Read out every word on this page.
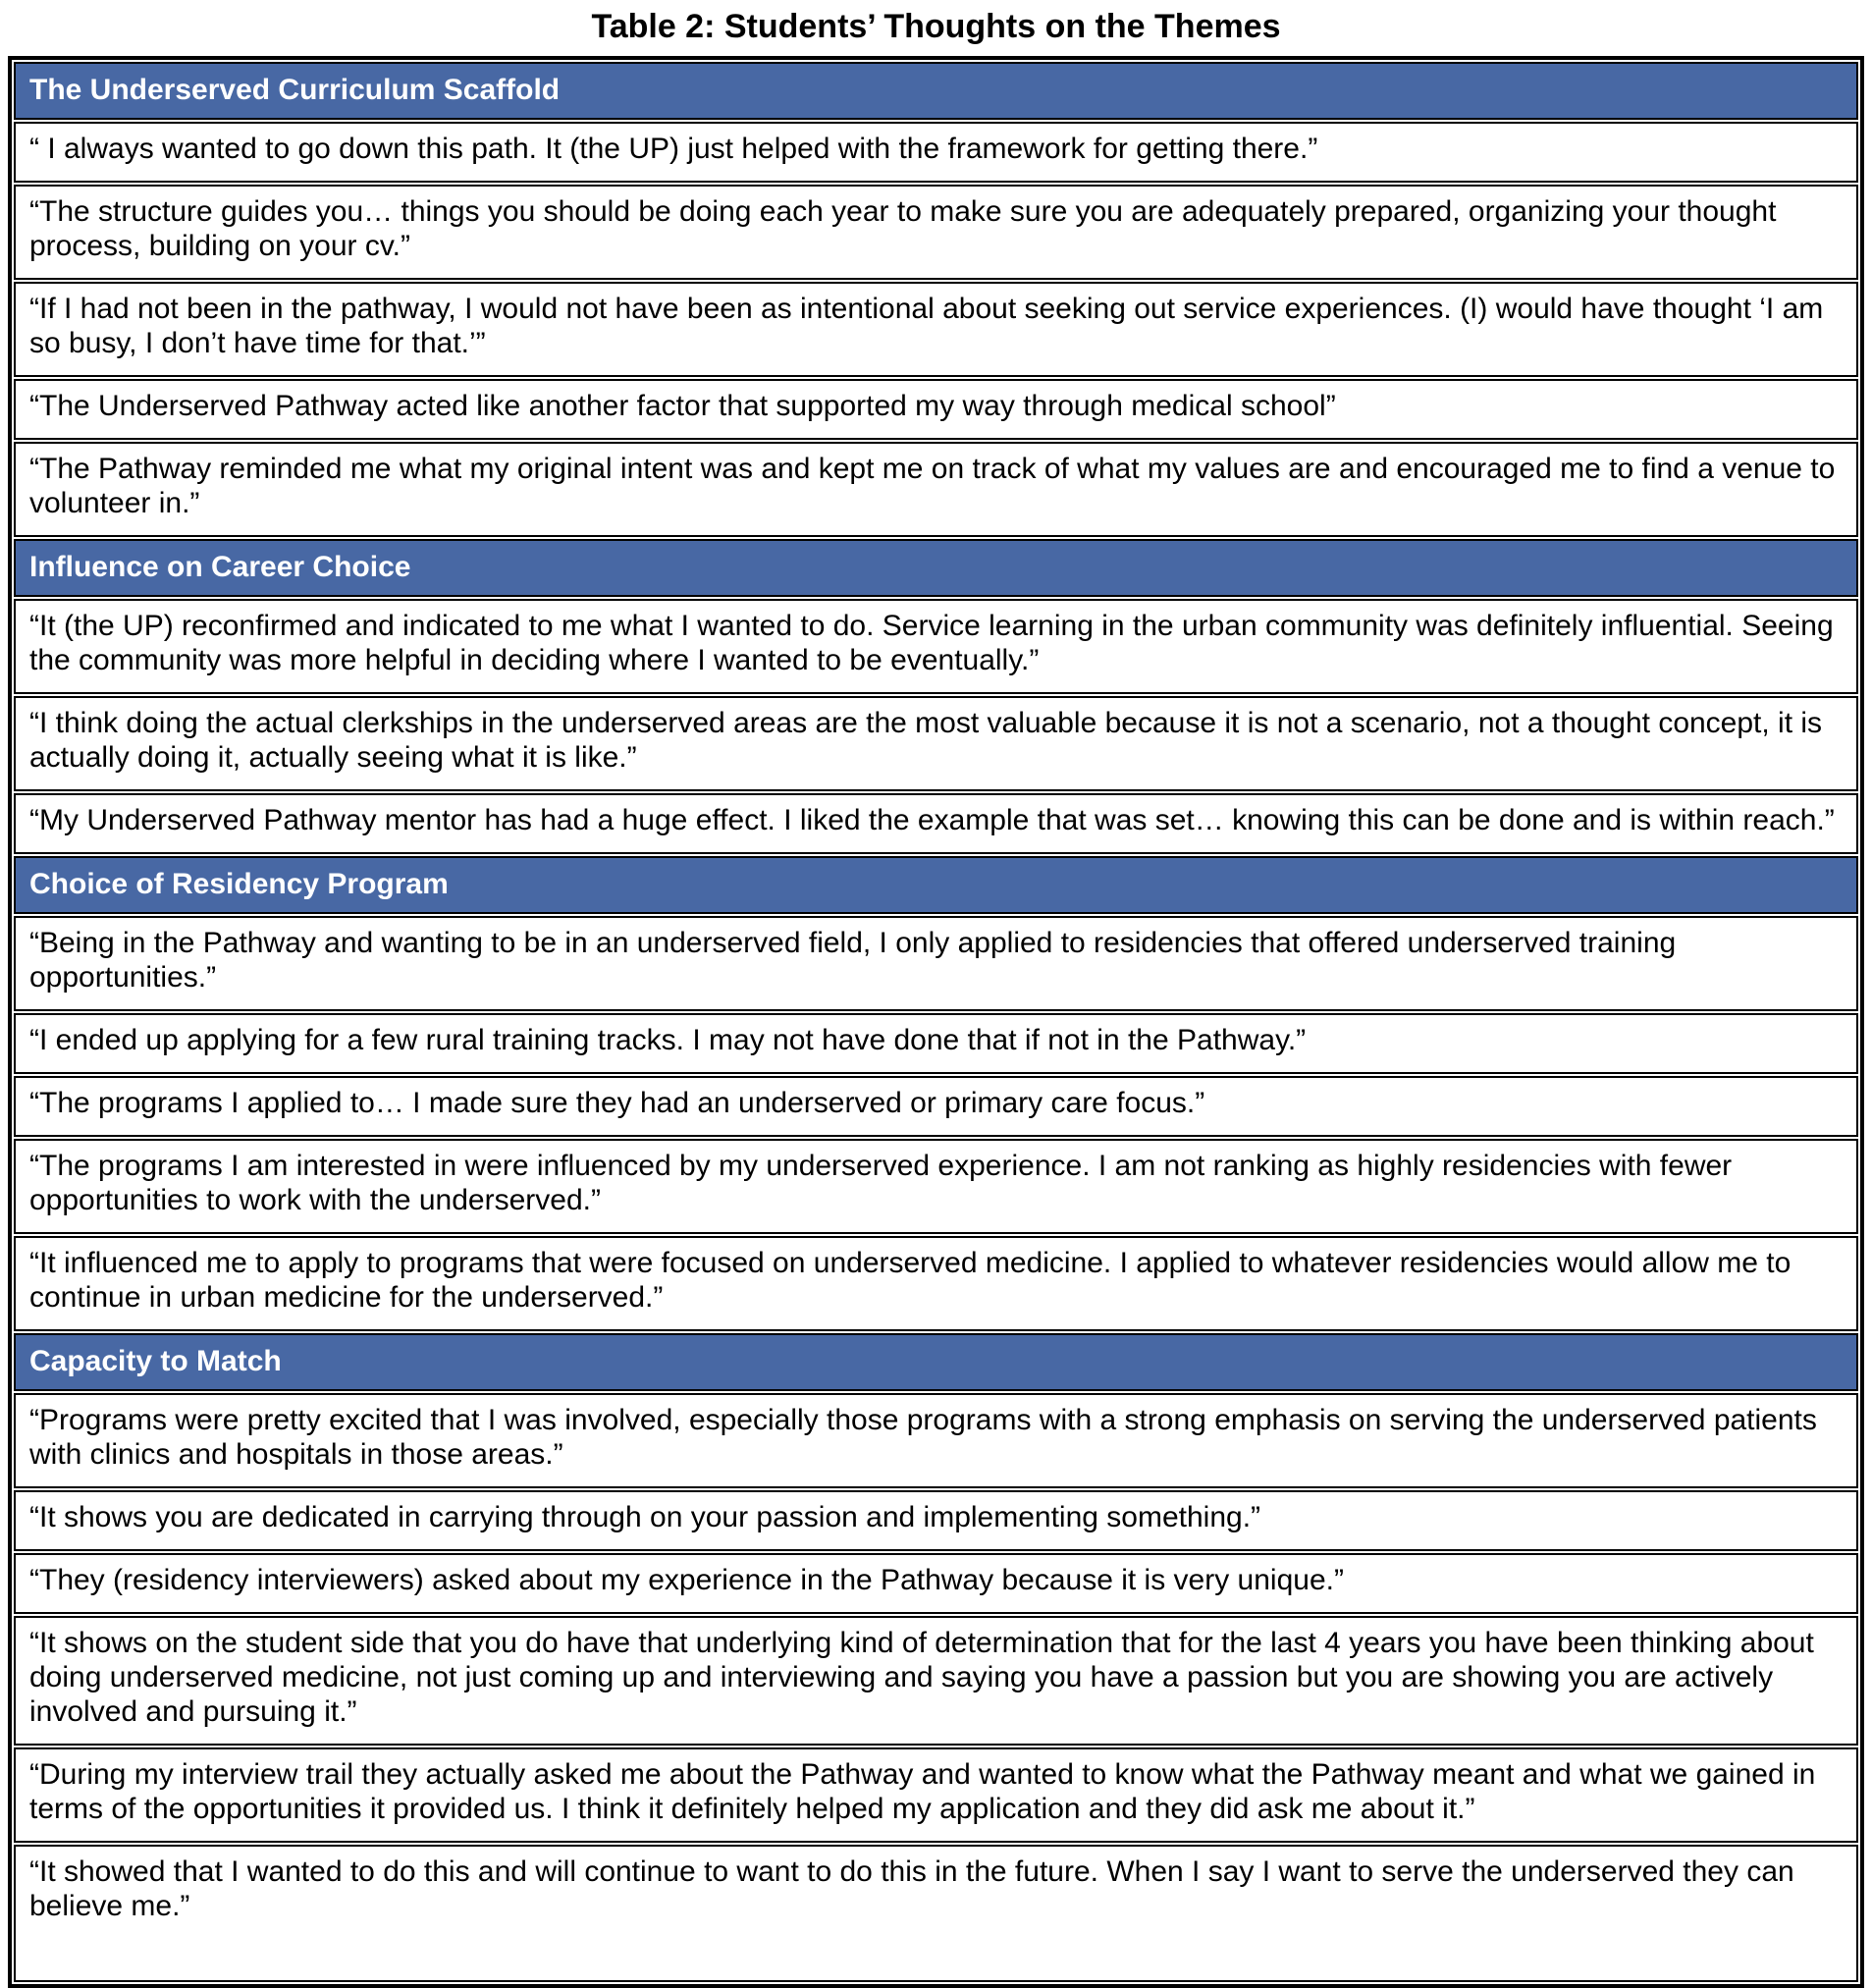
Table 2: Students’ Thoughts on the Themes
The Underserved Curriculum Scaffold
“ I always wanted to go down this path. It (the UP) just helped with the framework for getting there.”
“The structure guides you… things you should be doing each year to make sure you are adequately prepared, organizing your thought process, building on your cv.”
“If I had not been in the pathway, I would not have been as intentional about seeking out service experiences. (I) would have thought ‘I am so busy, I don’t have time for that.’”
“The Underserved Pathway acted like another factor that supported my way through medical school”
“The Pathway reminded me what my original intent was and kept me on track of what my values are and encouraged me to find a venue to volunteer in.”
Influence on Career Choice
“It (the UP) reconfirmed and indicated to me what I wanted to do. Service learning in the urban community was definitely influential. Seeing the community was more helpful in deciding where I wanted to be eventually.”
“I think doing the actual clerkships in the underserved areas are the most valuable because it is not a scenario, not a thought concept, it is actually doing it, actually seeing what it is like.”
“My Underserved Pathway mentor has had a huge effect. I liked the example that was set… knowing this can be done and is within reach.”
Choice of Residency Program
“Being in the Pathway and wanting to be in an underserved field, I only applied to residencies that offered underserved training opportunities.”
“I ended up applying for a few rural training tracks. I may not have done that if not in the Pathway.”
“The programs I applied to… I made sure they had an underserved or primary care focus.”
“The programs I am interested in were influenced by my underserved experience. I am not ranking as highly residencies with fewer opportunities to work with the underserved.”
“It influenced me to apply to programs that were focused on underserved medicine. I applied to whatever residencies would allow me to continue in urban medicine for the underserved.”
Capacity to Match
“Programs were pretty excited that I was involved, especially those programs with a strong emphasis on serving the underserved patients with clinics and hospitals in those areas.”
“It shows you are dedicated in carrying through on your passion and implementing something.”
“They (residency interviewers) asked about my experience in the Pathway because it is very unique.”
“It shows on the student side that you do have that underlying kind of determination that for the last 4 years you have been thinking about doing underserved medicine, not just coming up and interviewing and saying you have a passion but you are showing you are actively involved and pursuing it.”
“During my interview trail they actually asked me about the Pathway and wanted to know what the Pathway meant and what we gained in terms of the opportunities it provided us. I think it definitely helped my application and they did ask me about it.”
“It showed that I wanted to do this and will continue to want to do this in the future. When I say I want to serve the underserved they can believe me.”
